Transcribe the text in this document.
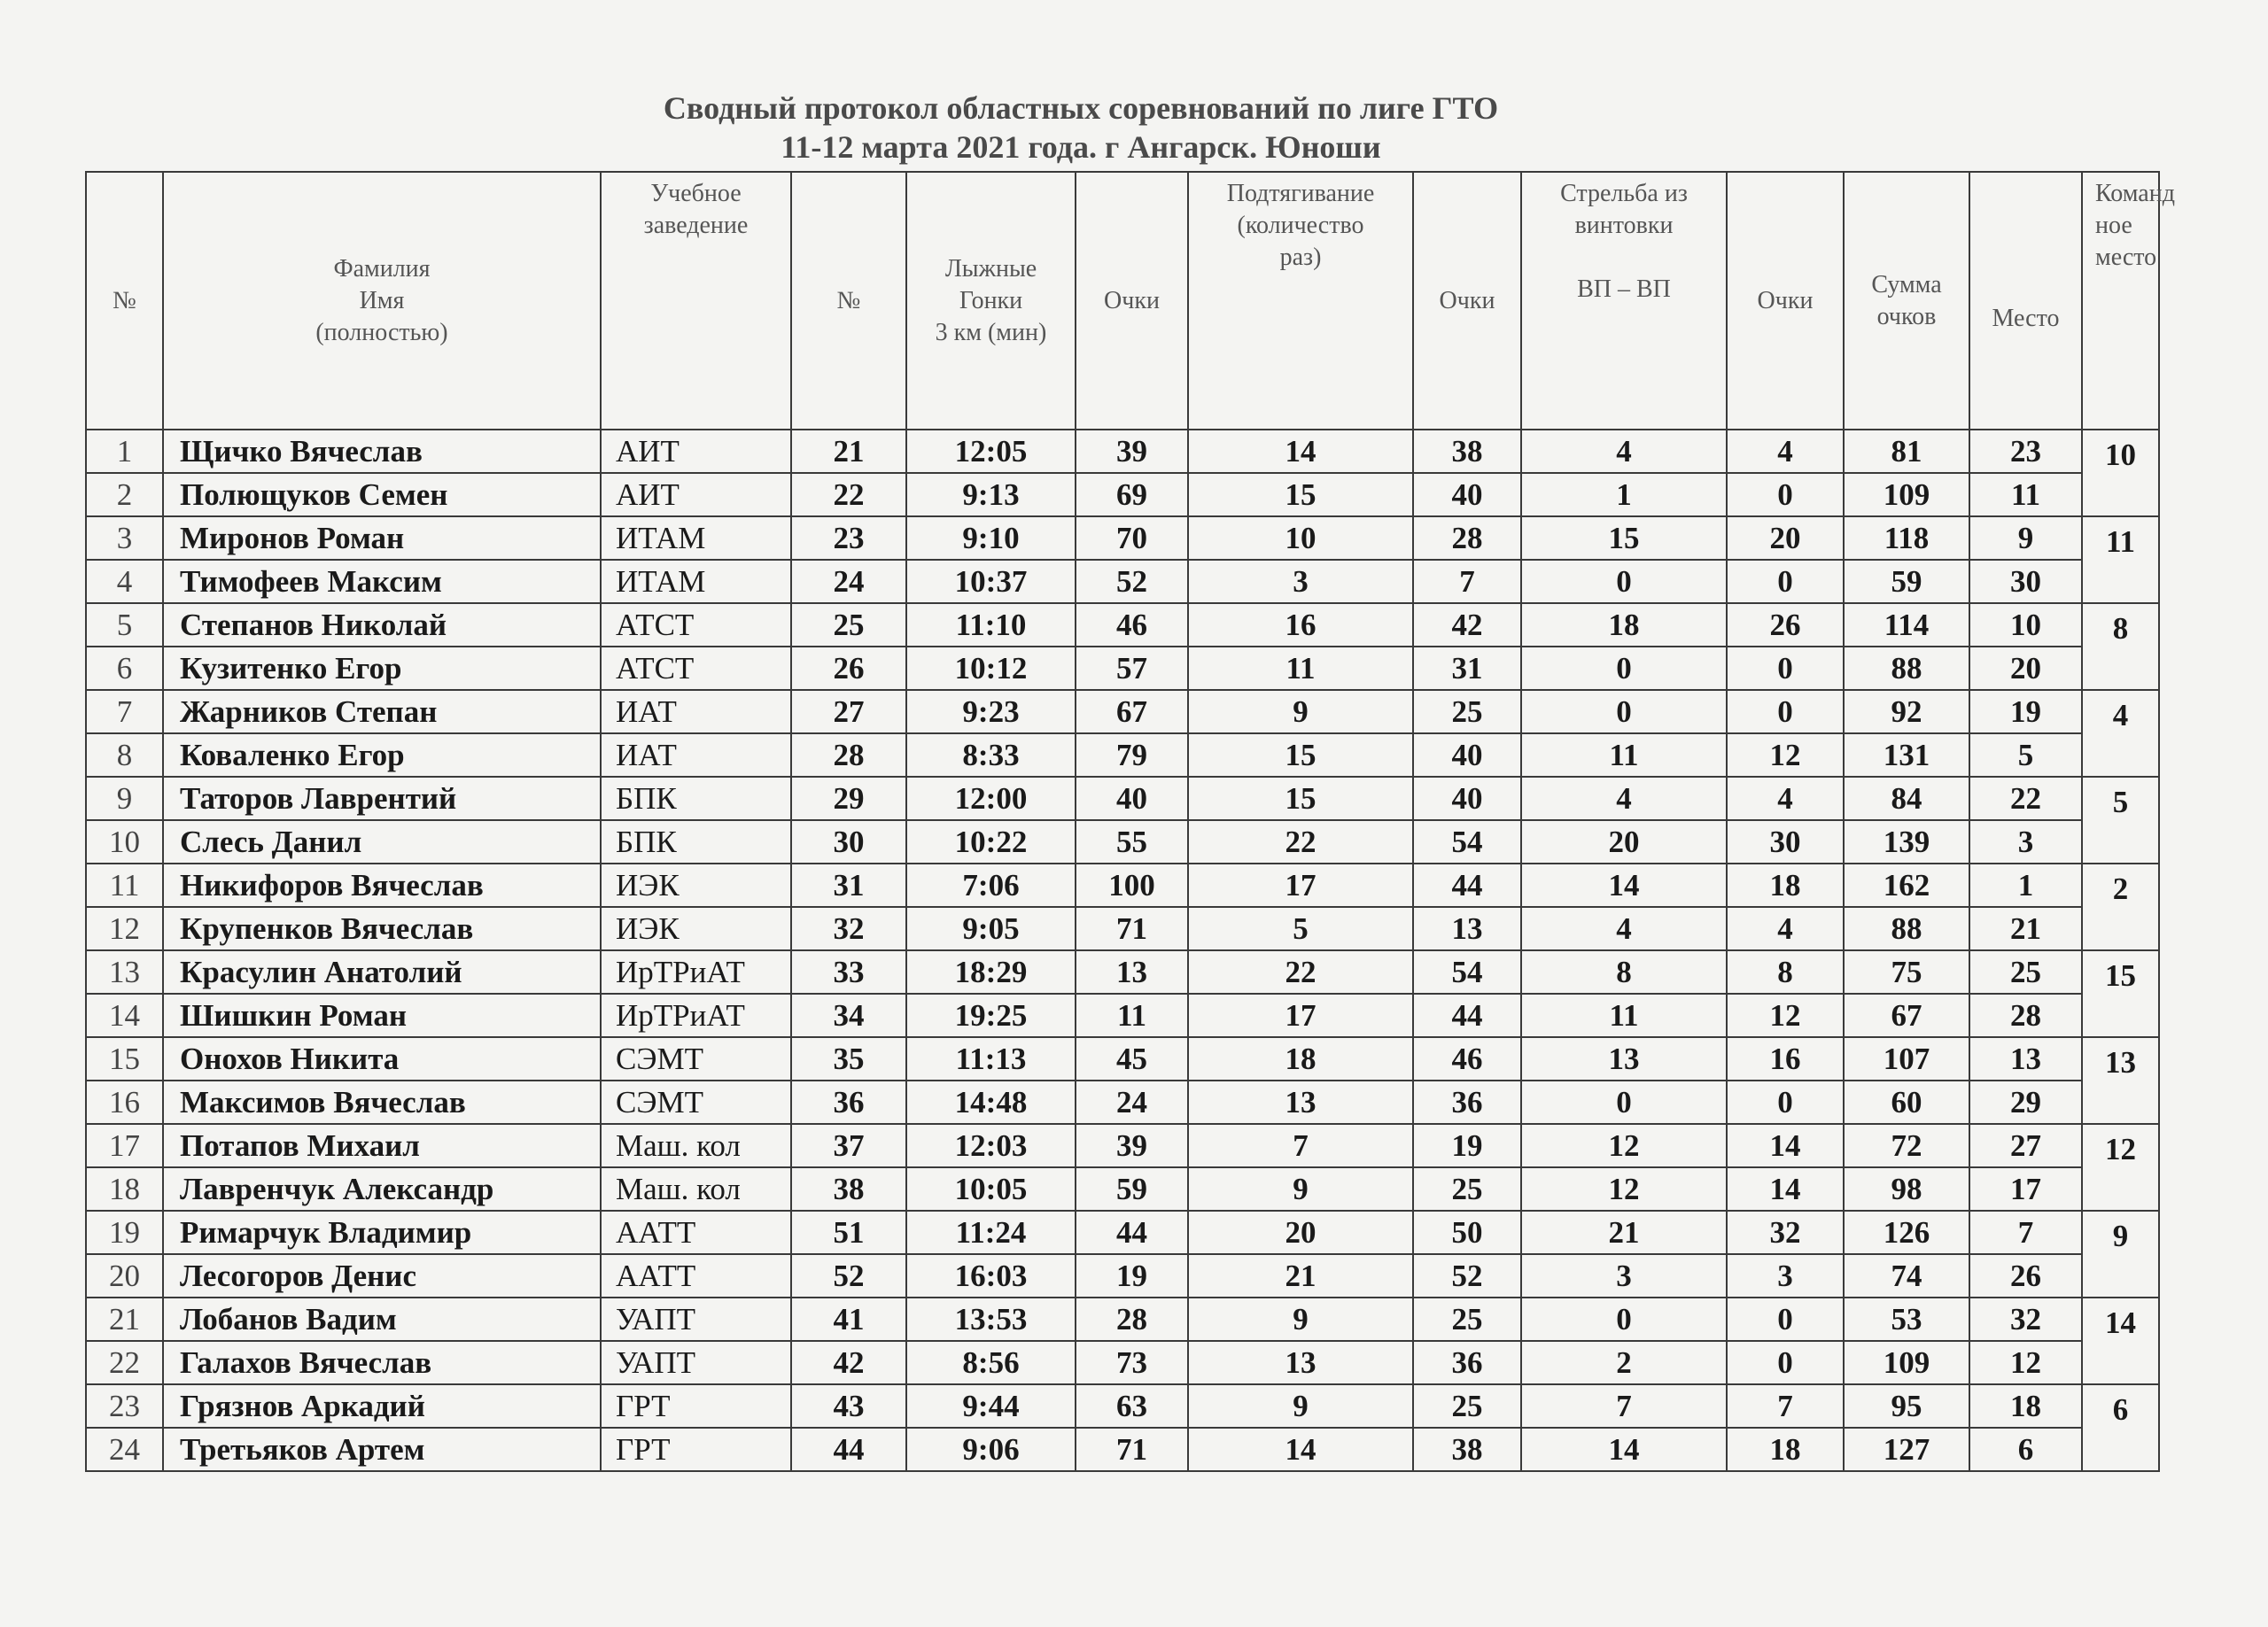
Сводный протокол областных соревнований по лиге ГТО
11-12 марта 2021 года. г Ангарск. Юноши
№	Фамилия
Имя
(полностью)	Учебное
заведение	№	Лыжные
Гонки
3 км (мин)	Очки	Подтягивание
(количество
раз)	Очки	Стрельба из
винтовки

ВП – ВП	Очки	Сумма
очков	Место	Команд
ное
место
1	Щичко Вячеслав	АИТ	21	12:05	39	14	38	4	4	81	23	10
2	Полющуков Семен	АИТ	22	9:13	69	15	40	1	0	109	11	
3	Миронов Роман	ИТАМ	23	9:10	70	10	28	15	20	118	9	11
4	Тимофеев Максим	ИТАМ	24	10:37	52	3	7	0	0	59	30	
5	Степанов Николай	АТСТ	25	11:10	46	16	42	18	26	114	10	8
6	Кузитенко Егор	АТСТ	26	10:12	57	11	31	0	0	88	20	
7	Жарников Степан	ИАТ	27	9:23	67	9	25	0	0	92	19	4
8	Коваленко Егор	ИАТ	28	8:33	79	15	40	11	12	131	5	
9	Таторов Лаврентий	БПК	29	12:00	40	15	40	4	4	84	22	5
10	Слесь Данил	БПК	30	10:22	55	22	54	20	30	139	3	
11	Никифоров Вячеслав	ИЭК	31	7:06	100	17	44	14	18	162	1	2
12	Крупенков Вячеслав	ИЭК	32	9:05	71	5	13	4	4	88	21	
13	Красулин Анатолий	ИрТРиАТ	33	18:29	13	22	54	8	8	75	25	15
14	Шишкин Роман	ИрТРиАТ	34	19:25	11	17	44	11	12	67	28	
15	Онохов Никита	СЭМТ	35	11:13	45	18	46	13	16	107	13	13
16	Максимов Вячеслав	СЭМТ	36	14:48	24	13	36	0	0	60	29	
17	Потапов Михаил	Маш. кол	37	12:03	39	7	19	12	14	72	27	12
18	Лавренчук Александр	Маш. кол	38	10:05	59	9	25	12	14	98	17	
19	Римарчук Владимир	ААТТ	51	11:24	44	20	50	21	32	126	7	9
20	Лесогоров Денис	ААТТ	52	16:03	19	21	52	3	3	74	26	
21	Лобанов Вадим	УАПТ	41	13:53	28	9	25	0	0	53	32	14
22	Галахов Вячеслав	УАПТ	42	8:56	73	13	36	2	0	109	12	
23	Грязнов Аркадий	ГРТ	43	9:44	63	9	25	7	7	95	18	6
24	Третьяков Артем	ГРТ	44	9:06	71	14	38	14	18	127	6	
